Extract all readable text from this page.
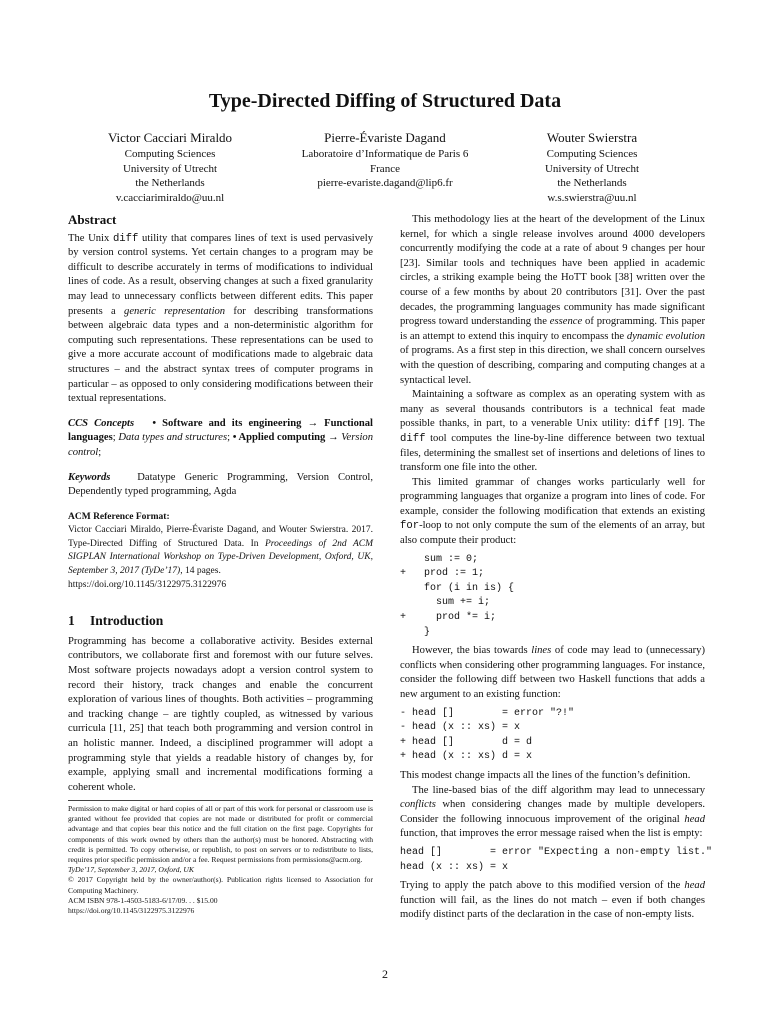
Type-Directed Diffing of Structured Data
Victor Cacciari Miraldo
Computing Sciences
University of Utrecht
the Netherlands
v.cacciarimiraldo@uu.nl
Pierre-Évariste Dagand
Laboratoire d’Informatique de Paris 6
France
pierre-evariste.dagand@lip6.fr
Wouter Swierstra
Computing Sciences
University of Utrecht
the Netherlands
w.s.swierstra@uu.nl
Abstract

The Unix diff utility that compares lines of text is used pervasively by version control systems. Yet certain changes to a program may be difficult to describe accurately in terms of modifications to individual lines of code. As a result, observing changes at such a fixed granularity may lead to unnecessary conflicts between different edits. This paper presents a generic representation for describing transformations between algebraic data types and a non-deterministic algorithm for computing such representations. These representations can be used to give a more accurate account of modifications made to algebraic data structures – and the abstract syntax trees of computer programs in particular – as opposed to only considering modifications between their textual representations.

CCS Concepts • Software and its engineering → Functional languages; Data types and structures; • Applied computing → Version control;

Keywords	Datatype Generic Programming, Version Control, Dependently typed programming, Agda

ACM Reference Format:

Victor Cacciari Miraldo, Pierre-Évariste Dagand, and Wouter Swierstra. 2017. Type-Directed Diffing of Structured Data. In Proceedings of 2nd ACM SIGPLAN International Workshop on Type-Driven Development, Oxford, UK, September 3, 2017 (TyDe’17), 14 pages.
https://doi.org/10.1145/3122975.3122976

1 Introduction

Programming has become a collaborative activity. Besides external contributors, we collaborate first and foremost with our future selves. Most software projects nowadays adopt a version control system to record their history, track changes and enable the concurrent exploration of various lines of thoughts. Both activities – programming and tracking change – are tightly coupled, as witnessed by various curricula [11, 25] that teach both programming and version control in an holistic manner. Indeed, a disciplined programmer will adopt a programming style that yields a readable history of changes by, for example, applying small and incremental modifications forming a coherent whole.

Permission to make digital or hard copies of all or part of this work for personal or classroom use is granted without fee provided that copies are not made or distributed for profit or commercial advantage and that copies bear this notice and the full citation on the first page. Copyrights for components of this work owned by others than the author(s) must be honored. Abstracting with credit is permitted. To copy otherwise, or republish, to post on servers or to redistribute to lists, requires prior specific permission and/or a fee. Request permissions from permissions@acm.org.

TyDe’17, September 3, 2017, Oxford, UK

© 2017 Copyright held by the owner/author(s). Publication rights licensed to Association for Computing Machinery.

ACM ISBN 978-1-4503-5183-6/17/09. . . $15.00

https://doi.org/10.1145/3122975.3122976

This methodology lies at the heart of the development of the Linux kernel, for which a single release involves around 4000 developers concurrently modifying the code at a rate of about 9 changes per hour [23]. Similar tools and techniques have been applied in academic circles, a striking example being the HoTT book [38] written over the course of a few months by about 20 contributors [31]. Over the past decades, the programming languages community has made significant progress toward understanding the essence of programming. This paper is an attempt to extend this inquiry to encompass the dynamic evolution of programs. As a first step in this direction, we shall concern ourselves with the question of describing, comparing and computing changes at a syntactical level.

Maintaining a software as complex as an operating system with as many as several thousands contributors is a technical feat made possible thanks, in part, to a venerable Unix utility: diff [19]. The diff tool computes the line-by-line difference between two textual files, determining the smallest set of insertions and deletions of lines to transform one file into the other.

This limited grammar of changes works particularly well for programming languages that organize a program into lines of code. For example, consider the following modification that extends an existing for-loop to not only compute the sum of the elements of an array, but also compute their product:

sum := 0;
+   prod := 1;
for (i in is) {
sum += i;
+     prod *= i;
}

However, the bias towards lines of code may lead to (unnecessary) conflicts when considering other programming languages. For instance, consider the following diff between two Haskell functions that adds a new argument to an existing function:

- head []        = error "?!"
- head (x :: xs) = x
+ head []        d = d
+ head (x :: xs) d = x

This modest change impacts all the lines of the function’s definition.

The line-based bias of the diff algorithm may lead to unnecessary conflicts when considering changes made by multiple developers. Consider the following innocuous improvement of the original head function, that improves the error message raised when the list is empty:

head []        = error "Expecting a non-empty list."
head (x :: xs) = x

Trying to apply the patch above to this modified version of the head function will fail, as the lines do not match – even if both changes modify distinct parts of the declaration in the case of non-empty lists.

2
